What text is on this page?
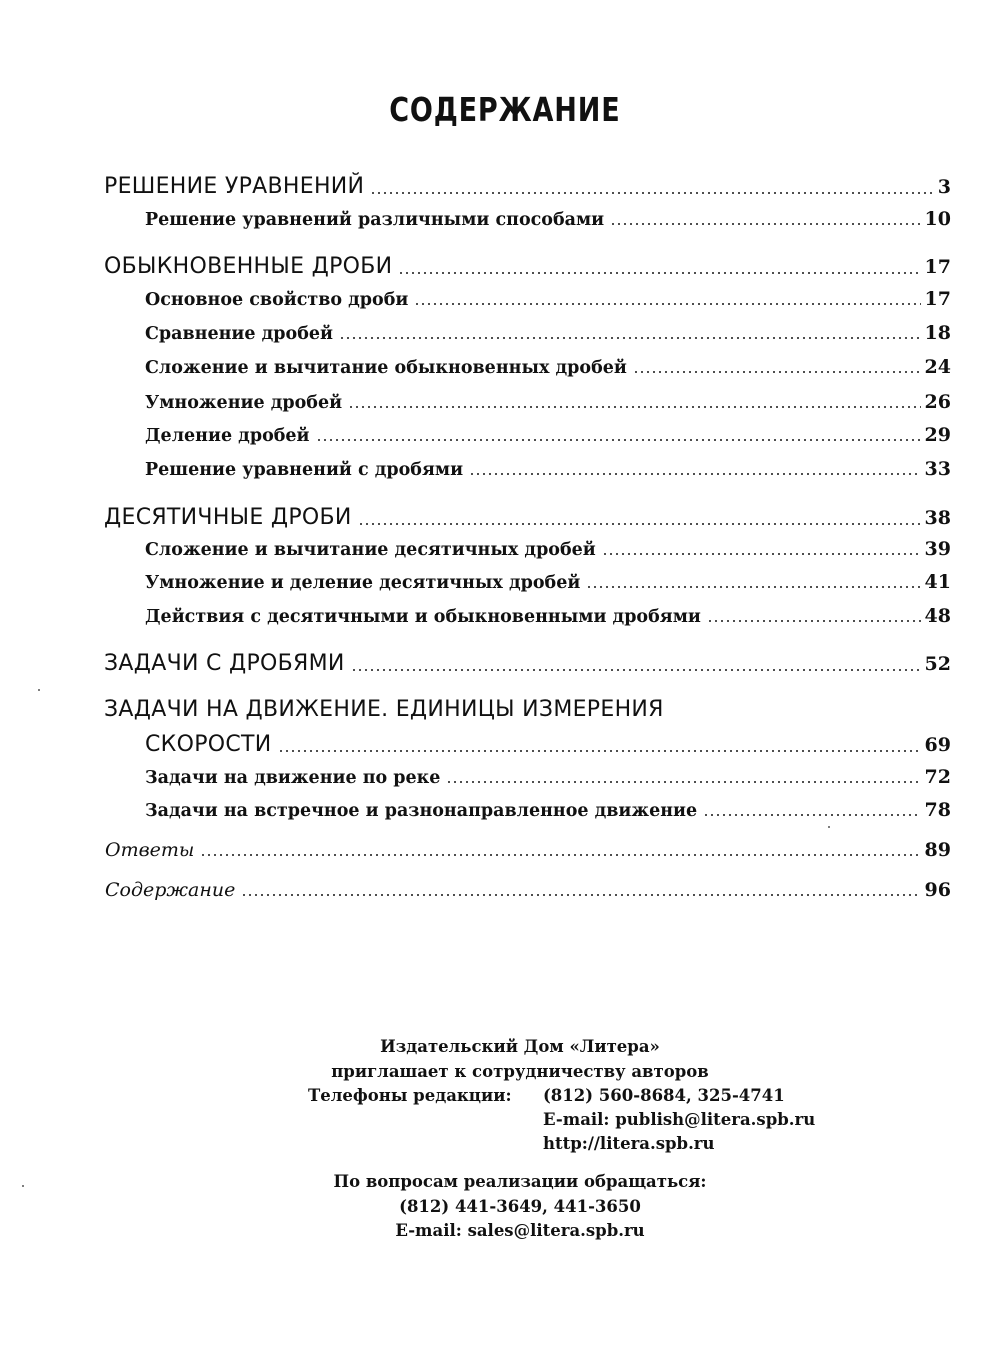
СОДЕРЖАНИЕ
РЕШЕНИЕ УРАВНЕНИЙ	3
Решение уравнений различными способами	10
ОБЫКНОВЕННЫЕ ДРОБИ	17
Основное свойство дроби	17
Сравнение дробей	18
Сложение и вычитание обыкновенных дробей	24
Умножение дробей	26
Деление дробей	29
Решение уравнений с дробями	33
ДЕСЯТИЧНЫЕ ДРОБИ	38
Сложение и вычитание десятичных дробей	39
Умножение и деление десятичных дробей	41
Действия с десятичными и обыкновенными дробями	48
ЗАДАЧИ С ДРОБЯМИ	52
ЗАДАЧИ НА ДВИЖЕНИЕ. ЕДИНИЦЫ ИЗМЕРЕНИЯ
СКОРОСТИ	69
Задачи на движение по реке	72
Задачи на встречное и разнонаправленное движение	78
Ответы	89
Содержание	96
Издательский Дом «Литера»
приглашает к сотрудничеству авторов
Телефоны редакции: (812) 560-8684, 325-4741
E-mail: publish@litera.spb.ru
http://litera.spb.ru
По вопросам реализации обращаться:
(812) 441-3649, 441-3650
E-mail: sales@litera.spb.ru
